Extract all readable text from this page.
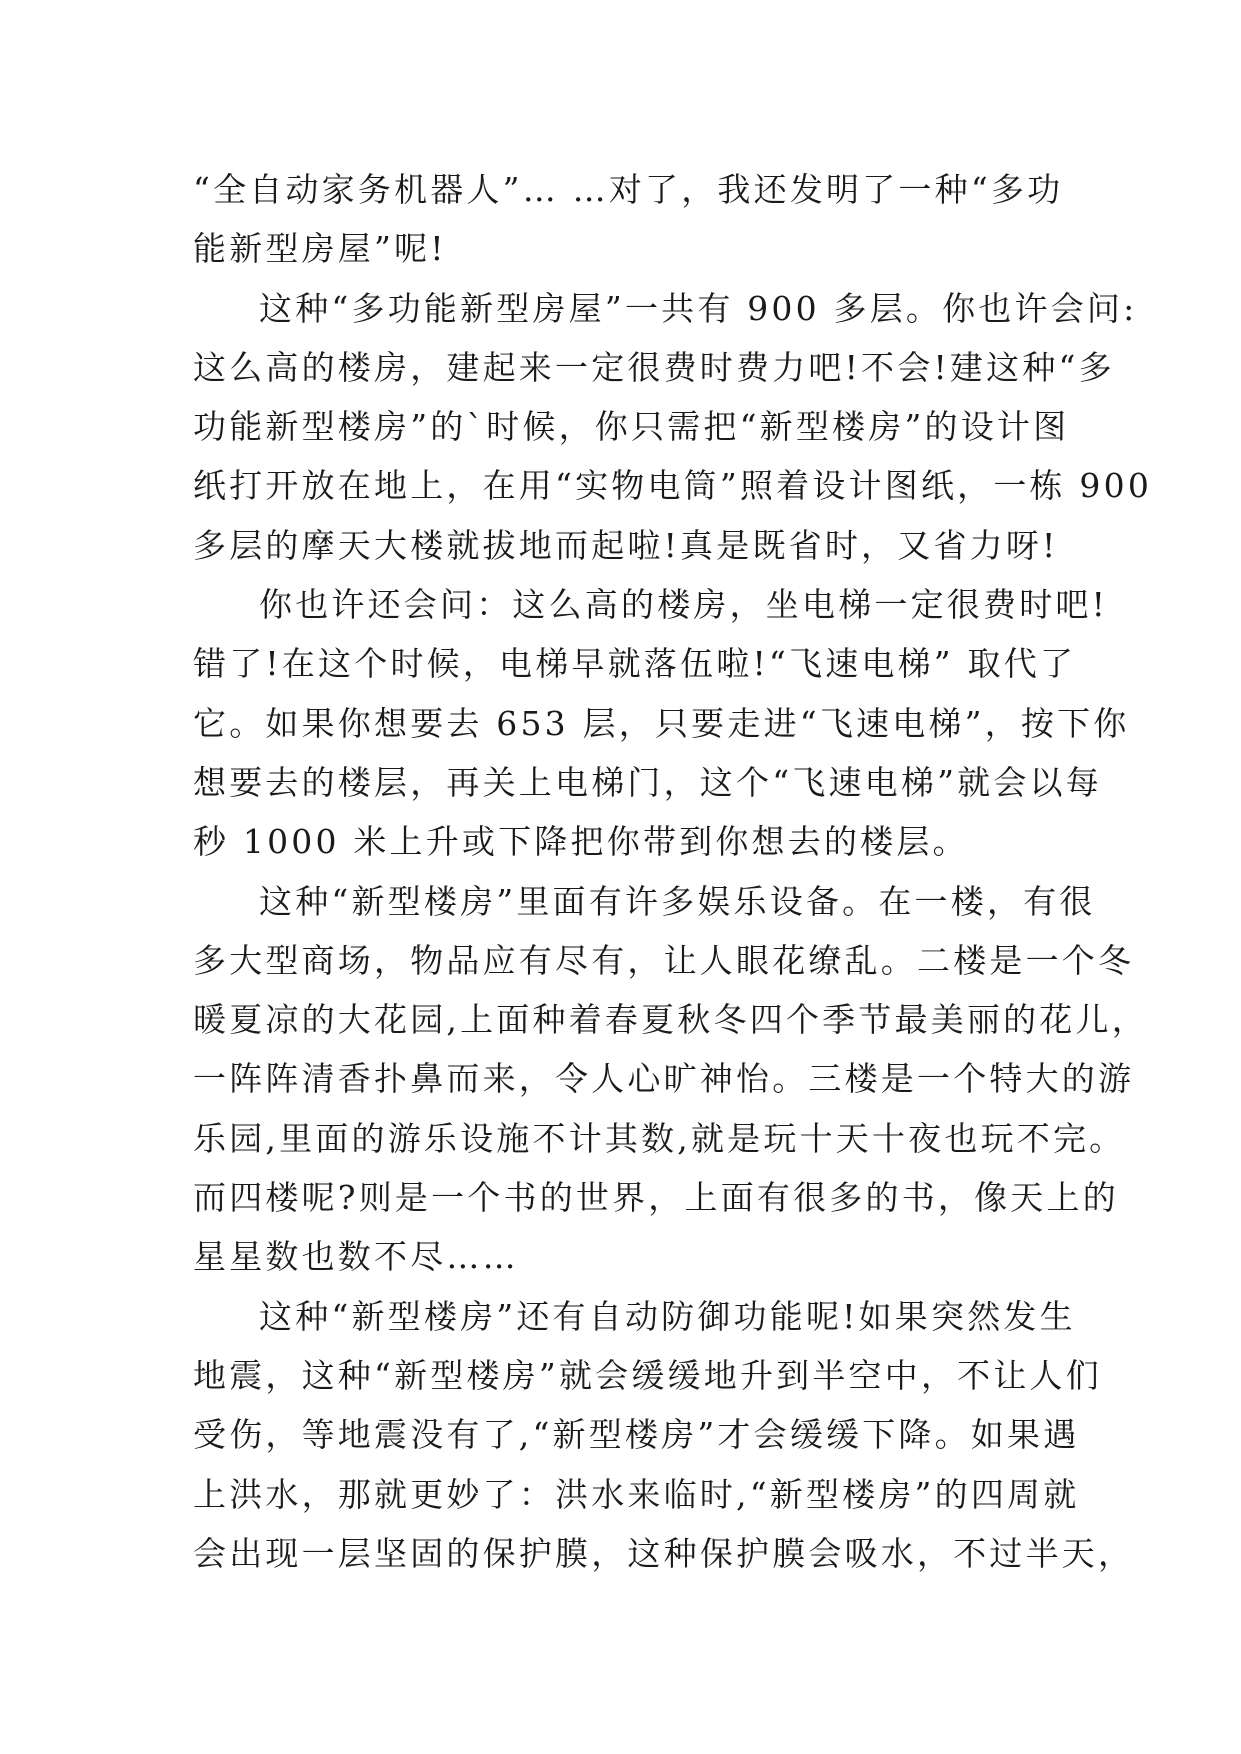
“全自动家务机器人”… …对了，我还发明了一种“多功
能新型房屋”呢!
这种“多功能新型房屋”一共有 900 多层。你也许会问:
这么高的楼房，建起来一定很费时费力吧!不会!建这种“多
功能新型楼房”的`时候，你只需把“新型楼房”的设计图
纸打开放在地上，在用“实物电筒”照着设计图纸，一栋 900
多层的摩天大楼就拔地而起啦!真是既省时，又省力呀!
你也许还会问：这么高的楼房，坐电梯一定很费时吧!
错了!在这个时候，电梯早就落伍啦!“飞速电梯” 取代了
它。如果你想要去 653 层，只要走进“飞速电梯”，按下你
想要去的楼层，再关上电梯门，这个“飞速电梯”就会以每
秒 1000 米上升或下降把你带到你想去的楼层。
这种“新型楼房”里面有许多娱乐设备。在一楼，有很
多大型商场，物品应有尽有，让人眼花缭乱。二楼是一个冬
暖夏凉的大花园,上面种着春夏秋冬四个季节最美丽的花儿，
一阵阵清香扑鼻而来，令人心旷神怡。三楼是一个特大的游
乐园,里面的游乐设施不计其数,就是玩十天十夜也玩不完。
而四楼呢?则是一个书的世界，上面有很多的书，像天上的
星星数也数不尽……
这种“新型楼房”还有自动防御功能呢!如果突然发生
地震，这种“新型楼房”就会缓缓地升到半空中，不让人们
受伤，等地震没有了,“新型楼房”才会缓缓下降。如果遇
上洪水，那就更妙了：洪水来临时,“新型楼房”的四周就
会出现一层坚固的保护膜，这种保护膜会吸水，不过半天，
